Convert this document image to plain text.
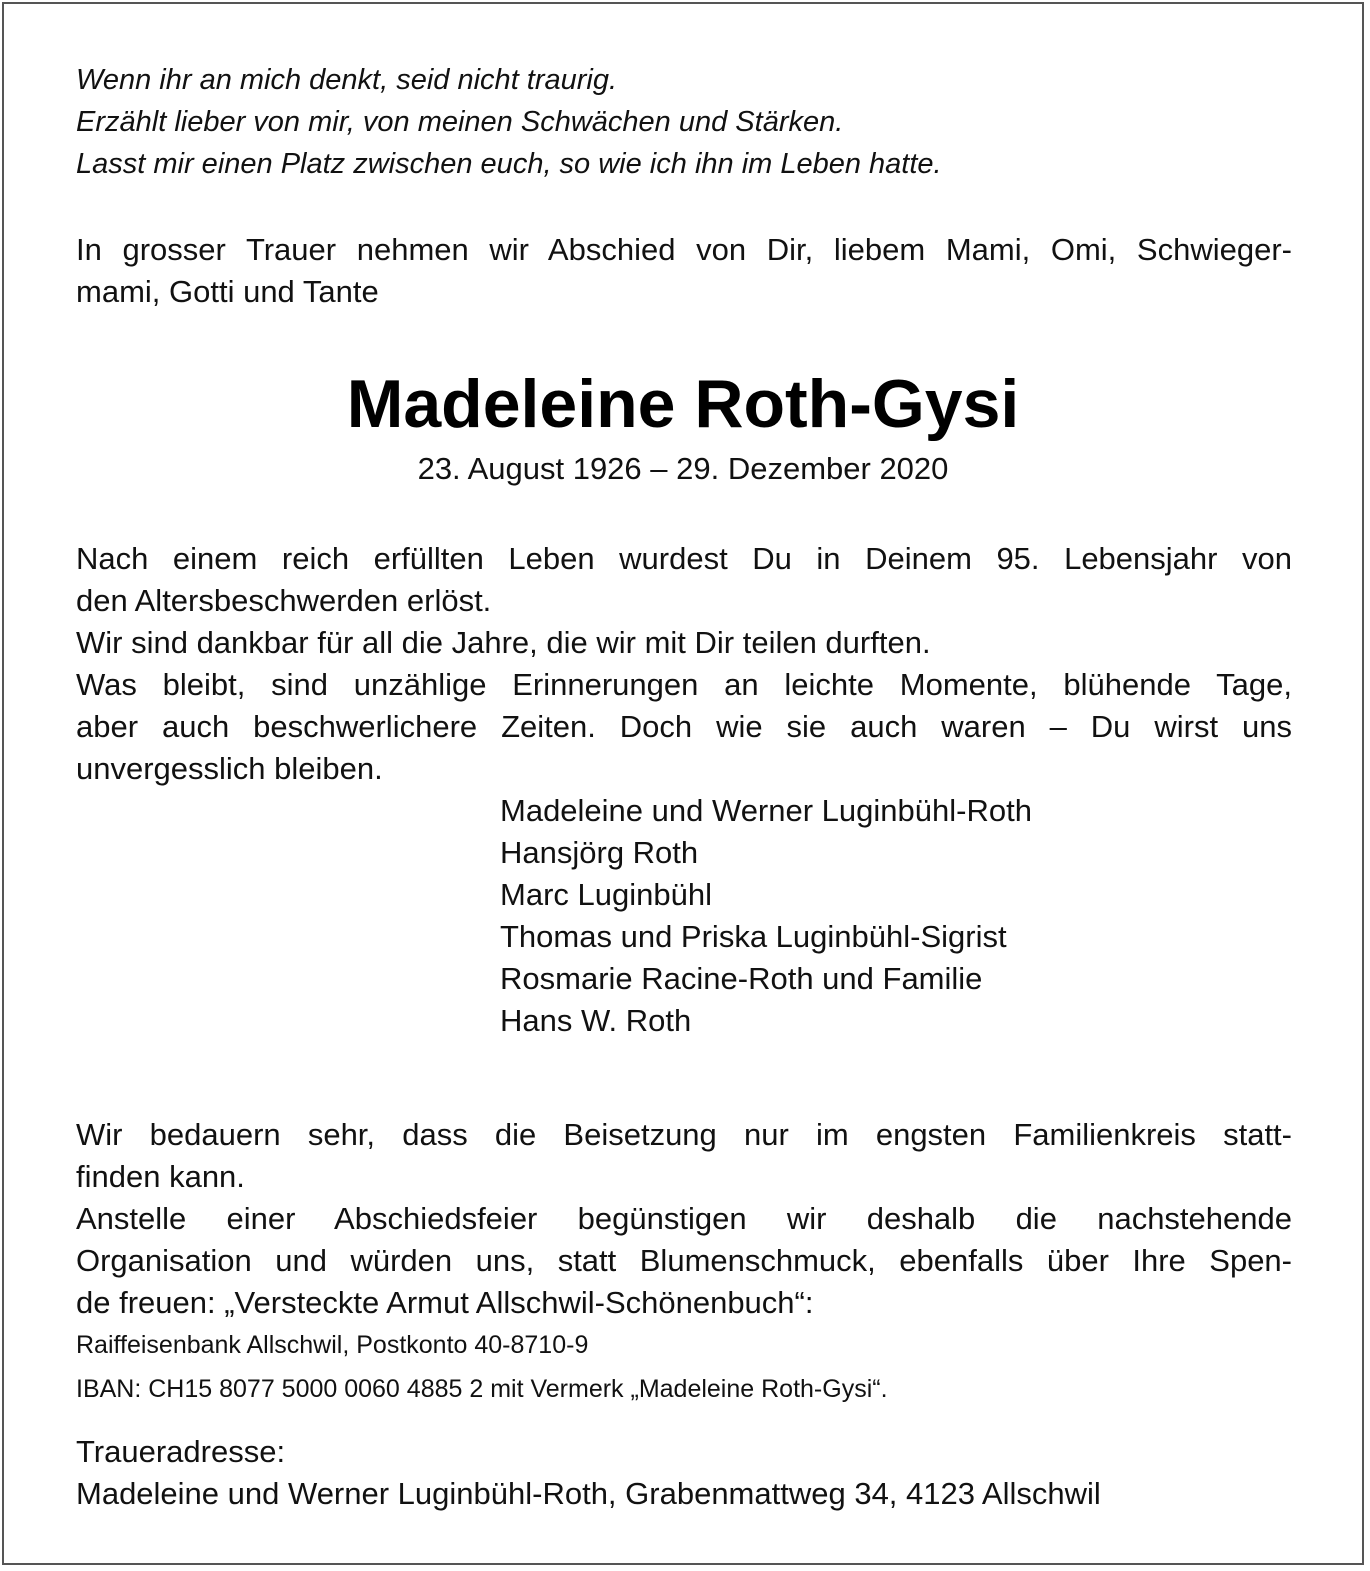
Wenn ihr an mich denkt, seid nicht traurig.
Erzählt lieber von mir, von meinen Schwächen und Stärken.
Lasst mir einen Platz zwischen euch, so wie ich ihn im Leben hatte.
In grosser Trauer nehmen wir Abschied von Dir, liebem Mami, Omi, Schwieger-
mami, Gotti und Tante
Madeleine Roth-Gysi
23. August 1926 – 29. Dezember 2020
Nach einem reich erfüllten Leben wurdest Du in Deinem 95. Lebensjahr von
den Altersbeschwerden erlöst.
Wir sind dankbar für all die Jahre, die wir mit Dir teilen durften.
Was bleibt, sind unzählige Erinnerungen an leichte Momente, blühende Tage,
aber auch beschwerlichere Zeiten. Doch wie sie auch waren – Du wirst uns
unvergesslich bleiben.
Madeleine und Werner Luginbühl-Roth
Hansjörg Roth
Marc Luginbühl
Thomas und Priska Luginbühl-Sigrist
Rosmarie Racine-Roth und Familie
Hans W. Roth
Wir bedauern sehr, dass die Beisetzung nur im engsten Familienkreis statt-
finden kann.
Anstelle einer Abschiedsfeier begünstigen wir deshalb die nachstehende
Organisation und würden uns, statt Blumenschmuck, ebenfalls über Ihre Spen-
de freuen: „Versteckte Armut Allschwil-Schönenbuch“:
Raiffeisenbank Allschwil, Postkonto 40-8710-9
IBAN: CH15 8077 5000 0060 4885 2 mit Vermerk „Madeleine Roth-Gysi“.
Traueradresse:
Madeleine und Werner Luginbühl-Roth, Grabenmattweg 34, 4123 Allschwil
